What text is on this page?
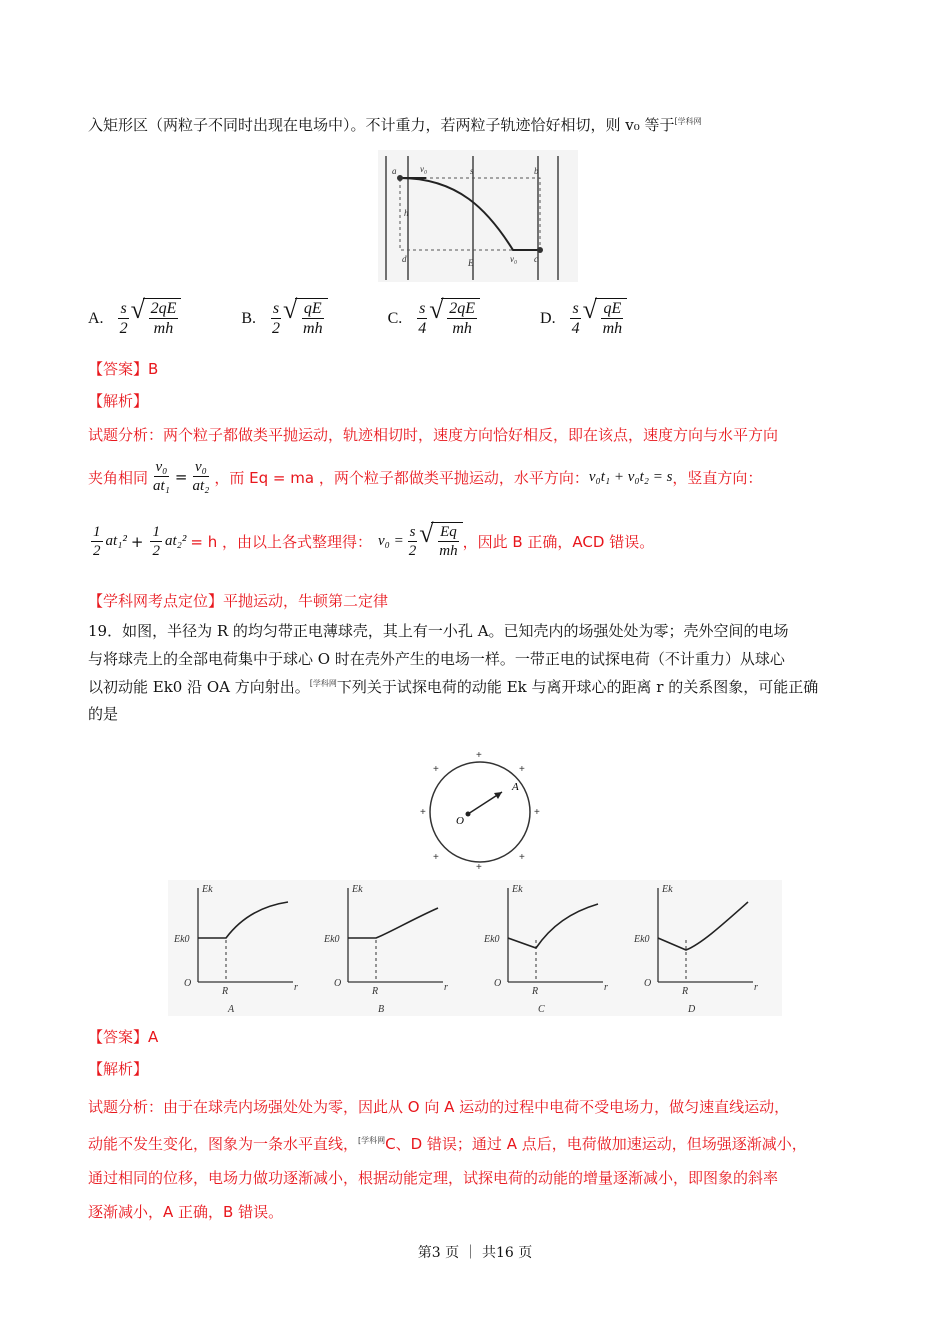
入矩形区（两粒子不同时出现在电场中）。不计重力，若两粒子轨迹恰好相切，则 v₀ 等于$^{[学科网}$
a	v₀	s	b
h
d	E	v₀ c
A. $\frac{s}{2}$ √ $\frac{2qE}{mh}$	B. $\frac{s}{2}$ √ $\frac{qE}{mh}$	C. $\frac{s}{4}$ √ $\frac{2qE}{mh}$	D. $\frac{s}{4}$ √ $\frac{qE}{mh}$
【答案】B
【解析】
试题分析：两个粒子都做类平抛运动，轨迹相切时，速度方向恰好相反，即在该点，速度方向与水平方向
夹角相同 $\frac{\text{v₀}}{\text{at₁}} = \frac{\text{v₀}}{\text{at₂}}$ ，而 Eq = ma ，两个粒子都做类平抛运动，水平方向： v₀t₁ + v₀t₂ = s ，竖直方向：
$\frac{1}{2} at_1^2 + \frac{1}{2} at_2^2 = h$ ，由以上各式整理得： $v_0 = \frac{s}{2}$ √ $\frac{Eq}{mh}$ ，因此 B 正确，ACD 错误。
【学科网考点定位】平抛运动，牛顿第二定律
19．如图，半径为 R 的均匀带正电薄球壳，其上有一小孔 A。已知壳内的场强处处为零；壳外空间的电场
与将球壳上的全部电荷集中于球心 O 时在壳外产生的电场一样。一带正电的试探电荷（不计重力）从球心
以初动能 Ek0 沿 OA 方向射出。$^{[学科网}$下列关于试探电荷的动能 Ek 与离开球心的距离 r 的关系图象，可能正确
的是
+
+	+
+	+
+	+
+
O
A
Ek
Ek0
O	r
R
A
Ek
Ek0
O	r
R
B
Ek
Ek0
O	r
R
C
Ek
Ek0
O	r
R
D
【答案】A
【解析】
试题分析：由于在球壳内场强处处为零，因此从 O 向 A 运动的过程中电荷不受电场力，做匀速直线运动，
动能不发生变化，图象为一条水平直线，$^{[学科网}$C、D 错误；通过 A 点后，电荷做加速运动，但场强逐渐减小，
通过相同的位移，电场力做功逐渐减小，根据动能定理，试探电荷的动能的增量逐渐减小，即图象的斜率
逐渐减小，A 正确，B 错误。
第3 页 ｜ 共16 页
